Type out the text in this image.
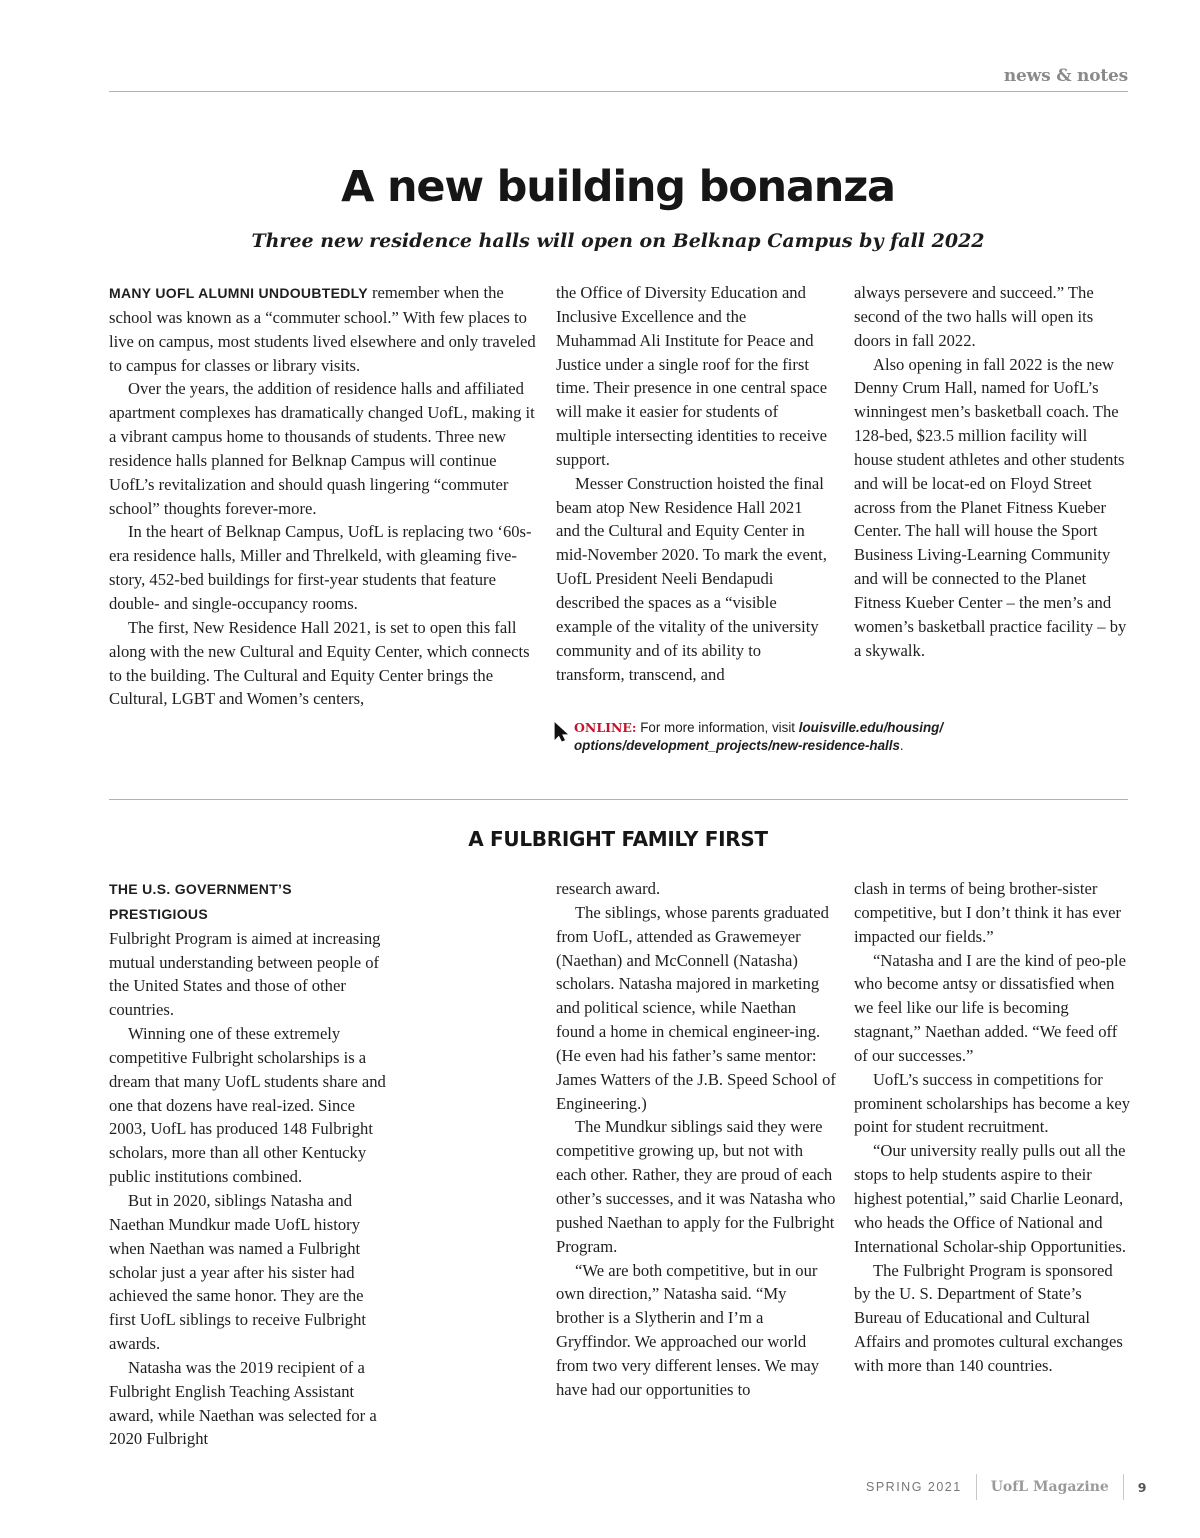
news & notes
A new building bonanza
Three new residence halls will open on Belknap Campus by fall 2022

MANY UOFL ALUMNI UNDOUBTEDLY remember when the school was known as a “commuter school.” With few places to live on campus, most students lived elsewhere and only traveled to campus for classes or library visits.

Over the years, the addition of residence halls and affiliated apartment complexes has dramatically changed UofL, making it a vibrant campus home to thousands of students. Three new residence halls planned for Belknap Campus will continue UofL’s revitalization and should quash lingering “commuter school” thoughts forever-more.

In the heart of Belknap Campus, UofL is replacing two ‘60s-era residence halls, Miller and Threlkeld, with gleaming five-story, 452-bed buildings for first-year students that feature double- and single-occupancy rooms.

The first, New Residence Hall 2021, is set to open this fall along with the new Cultural and Equity Center, which connects to the building. The Cultural and Equity Center brings the Cultural, LGBT and Women’s centers,

the Office of Diversity Education and Inclusive Excellence and the Muhammad Ali Institute for Peace and Justice under a single roof for the first time. Their presence in one central space will make it easier for students of multiple intersecting identities to receive support.

Messer Construction hoisted the final beam atop New Residence Hall 2021 and the Cultural and Equity Center in mid-November 2020. To mark the event, UofL President Neeli Bendapudi described the spaces as a “visible example of the vitality of the university community and of its ability to transform, transcend, and

always persevere and succeed.” The second of the two halls will open its doors in fall 2022.

Also opening in fall 2022 is the new Denny Crum Hall, named for UofL’s winningest men’s basketball coach. The 128-bed, $23.5 million facility will house student athletes and other students and will be locat-ed on Floyd Street across from the Planet Fitness Kueber Center. The hall will house the Sport Business Living-Learning Community and will be connected to the Planet Fitness Kueber Center – the men’s and women’s basketball practice facility – by a skywalk.

ONLINE: For more information, visit louisville.edu/housing/ options/development_projects/new-residence-halls.
A FULBRIGHT FAMILY FIRST

THE U.S. GOVERNMENT’S PRESTIGIOUS
Fulbright Program is aimed at increasing mutual understanding between people of the United States and those of other countries.

Winning one of these extremely competitive Fulbright scholarships is a dream that many UofL students share and one that dozens have real-ized. Since 2003, UofL has produced 148 Fulbright scholars, more than all other Kentucky public institutions combined.

But in 2020, siblings Natasha and Naethan Mundkur made UofL history when Naethan was named a Fulbright scholar just a year after his sister had achieved the same honor. They are the first UofL siblings to receive Fulbright awards.

Natasha was the 2019 recipient of a Fulbright English Teaching Assistant award, while Naethan was selected for a 2020 Fulbright

research award.

The siblings, whose parents graduated from UofL, attended as Grawemeyer (Naethan) and McConnell (Natasha) scholars. Natasha majored in marketing and political science, while Naethan found a home in chemical engineer-ing. (He even had his father’s same mentor: James Watters of the J.B. Speed School of Engineering.)

The Mundkur siblings said they were competitive growing up, but not with each other. Rather, they are proud of each other’s successes, and it was Natasha who pushed Naethan to apply for the Fulbright Program.

“We are both competitive, but in our own direction,” Natasha said. “My brother is a Slytherin and I’m a Gryffindor. We approached our world from two very different lenses. We may have had our opportunities to

clash in terms of being brother-sister competitive, but I don’t think it has ever impacted our fields.”

“Natasha and I are the kind of peo-ple who become antsy or dissatisfied when we feel like our life is becoming stagnant,” Naethan added. “We feed off of our successes.”

UofL’s success in competitions for prominent scholarships has become a key point for student recruitment.

“Our university really pulls out all the stops to help students aspire to their highest potential,” said Charlie Leonard, who heads the Office of National and International Scholar-ship Opportunities.

The Fulbright Program is sponsored by the U. S. Department of State’s Bureau of Educational and Cultural Affairs and promotes cultural exchanges with more than 140 countries.

SPRING 2021 UofL Magazine 9
